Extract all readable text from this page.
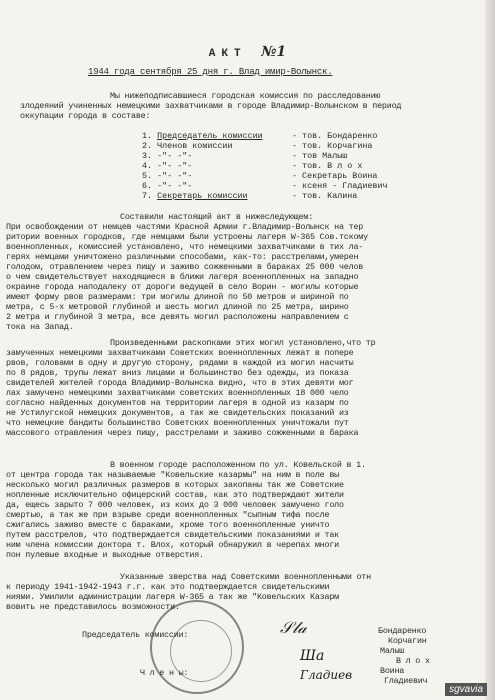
АКТ №1
1944 года сентября 25 дня г. Влад имир-Волынск.
Мы нижеподписавшиеся городская комиссия по расследованию
злодеяний учиненных немецкими захватчиками в городе Владимир-Волынском в период
оккупации города в составе:
1. Председатель комиссии	- тов. Бондаренко
2. Членов комиссии	- тов. Корчагина
3. -"- -"-	- тов Малыш
4. -"- -"-	- тов. В л о х
5. -"- -"-	- Секретарь Воина
6. -"- -"-	- ксеня - Гладиевич
7. Секретарь комиссии	- тов. Калина
Составили настоящий акт в нижеследующем:
При освобождении от немцев частями Красной Армии г.Владимир-Волынск на тер
ритории военных городков, где немцами были устроены лагеря W-365 Сов.тскому
военнопленных, комиссией установлено, что немецкими захватчиками в тих ла-
герях немцами уничтожено различными способами, как-то: расстрелами,умерен
голодом, отравлением через пищу и заживо сожженными в бараках 25 000 челов
о чем свидетельствует находящиеся в ближи лагеря военнопленных на западно
окраине города наподалеку от дороги ведущей в село Ворин - могилы которые
имеют форму рвов размерами: три могилы длиной по 50 метров и шириной по
метра, с 5-х метровой глубиной и шесть могил длиной по 25 метра, ширино
2 метра и глубиной 3 метра, все девять могил расположены направлением с
тока на Запад.
Произведенными раскопками этих могил установлено,что тр
замученных немецкими захватчиками Советских военнопленных лежат в попере
рвов, головами в одну и другую сторону, рядами в каждой из могил насчиты
по 8 рядов, трупы лежат вниз лицами и большинство без одежды, из показа
свидетелей жителей города Владимир-Волынска видно, что в этих девяти мог
лах замучено немецкими захватчиками советских военнопленных 18 000 чело
согласно найденных документов на территории лагеря в одной из казарм по
не Устилугской немецких документов, а так же свидетельских показаний из
что немецкие бандиты большинство Советских военнопленных уничтожали пут
массового отравления через пищу, расстрелами и заживо сожженными в барака
В военном городе расположенном по ул. Ковельской в 1.
от центра города так называемые "Ковельские казармы" на ним в поле вы
несколько могил различных размеров в которых закопаны так же Советские
нопленные исключительно офицерский состав, как это подтверждают жители
да, ещесь зарыто 7 000 человек, из коих до 3 000 человек замучено голо
смертью, а так же при взрыве среди военнопленных "сыпным тифа после
сжигались заживо вместе с бараками, кроме того военнопленные уничто
путем расстрелов, что подтверждается свидетельскими показаниями и так
ним члена комиссии доктора т. Влох, который обнаружил в черепах многи
пон пулевые входные и выходные отверстия.
Указанные зверства над Советскими военнопленными отн
к периоду 1941-1942-1943 г.г. как это подтверждается свидетельскими
ниями. Умилили администрации лагеря W-365 а так же "Ковельских Казарм
вовить не представилось возможности.
Председатель комиссии:
Ч л е н ы:
𝒮𝓁𝒶
Ша
Гладиев
Бондаренко
Корчагин
Малыш
В л о х
Воина
Гладиевич
sgvavia
